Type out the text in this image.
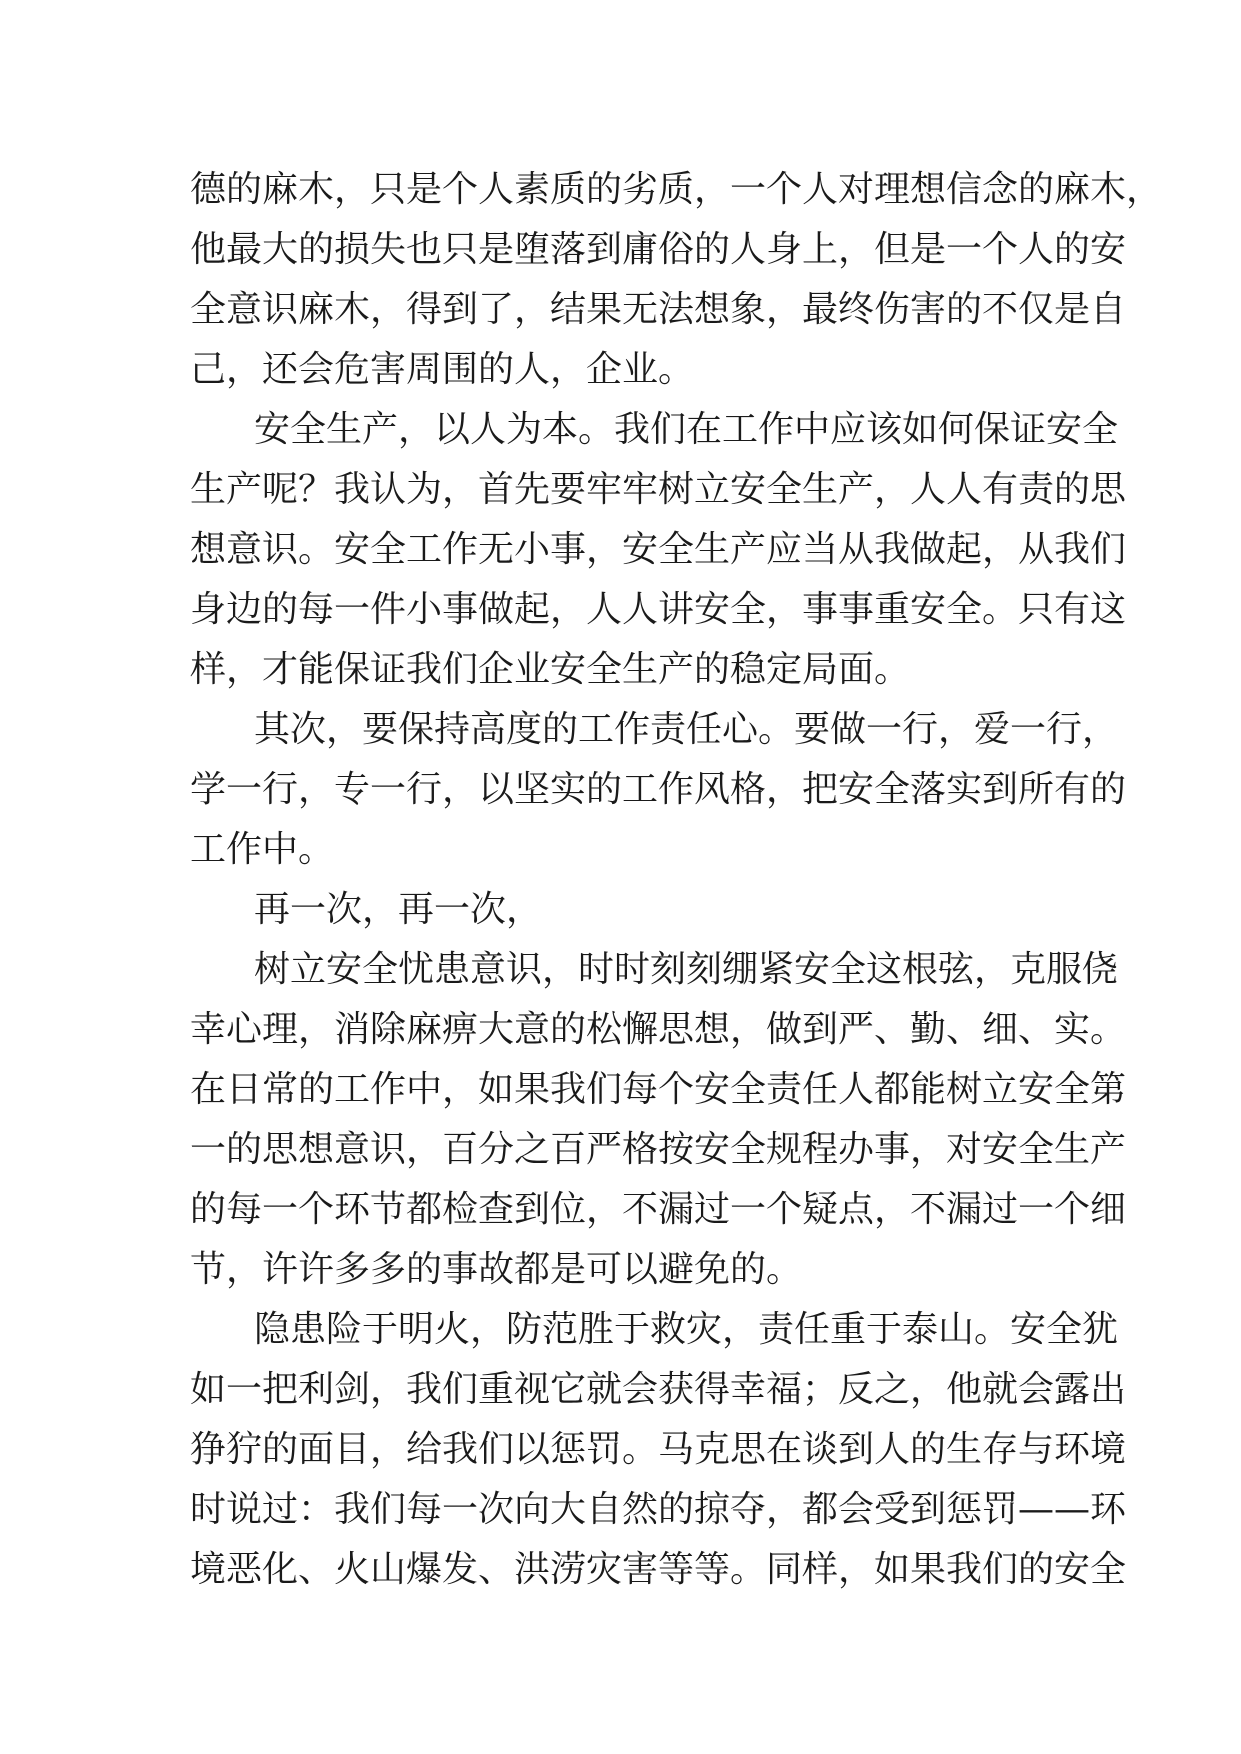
德的麻木，只是个人素质的劣质，一个人对理想信念的麻木，
他最大的损失也只是堕落到庸俗的人身上，但是一个人的安
全意识麻木，得到了，结果无法想象，最终伤害的不仅是自
己，还会危害周围的人，企业。
安全生产，以人为本。我们在工作中应该如何保证安全
生产呢？我认为，首先要牢牢树立安全生产，人人有责的思
想意识。安全工作无小事，安全生产应当从我做起，从我们
身边的每一件小事做起，人人讲安全，事事重安全。只有这
样，才能保证我们企业安全生产的稳定局面。
其次，要保持高度的工作责任心。要做一行，爱一行，
学一行，专一行，以坚实的工作风格，把安全落实到所有的
工作中。
再一次，再一次，
树立安全忧患意识，时时刻刻绷紧安全这根弦，克服侥
幸心理，消除麻痹大意的松懈思想，做到严、勤、细、实。
在日常的工作中，如果我们每个安全责任人都能树立安全第
一的思想意识，百分之百严格按安全规程办事，对安全生产
的每一个环节都检查到位，不漏过一个疑点，不漏过一个细
节，许许多多的事故都是可以避免的。
隐患险于明火，防范胜于救灾，责任重于泰山。安全犹
如一把利剑，我们重视它就会获得幸福；反之，他就会露出
狰狞的面目，给我们以惩罚。马克思在谈到人的生存与环境
时说过：我们每一次向大自然的掠夺，都会受到惩罚——环
境恶化、火山爆发、洪涝灾害等等。同样，如果我们的安全
